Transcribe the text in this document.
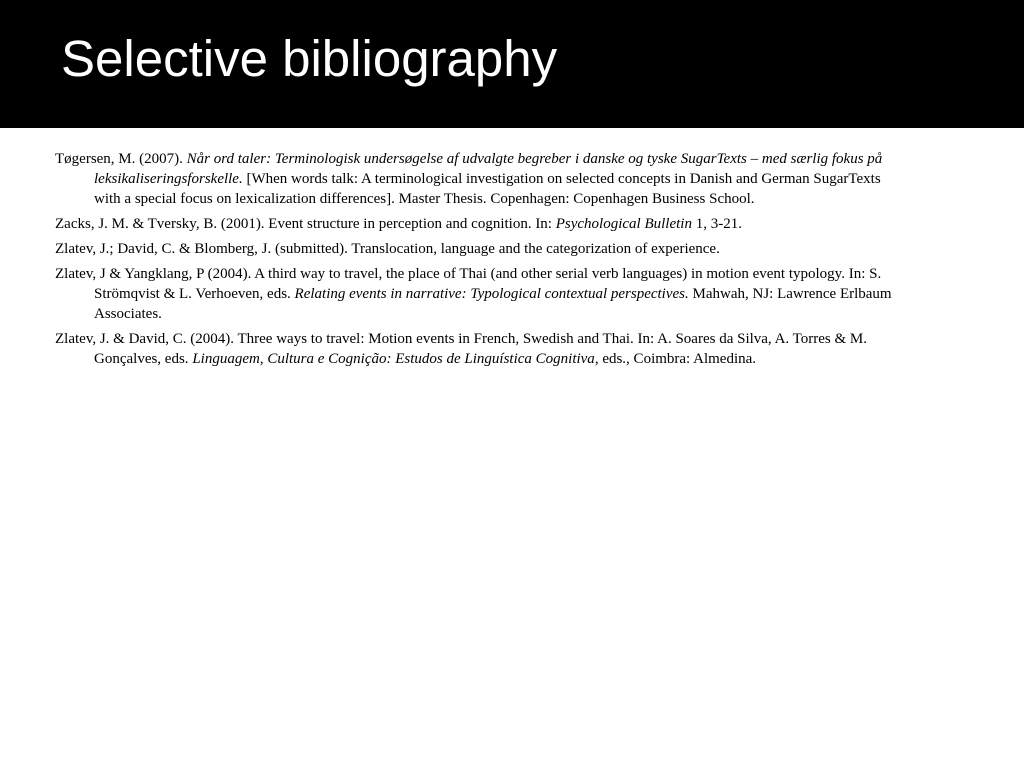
Selective bibliography
Tøgersen, M. (2007). Når ord taler: Terminologisk undersøgelse af udvalgte begreber i danske og tyske SugarTexts – med særlig fokus på leksikaliseringsforskelle. [When words talk: A terminological investigation on selected concepts in Danish and German SugarTexts with a special focus on lexicalization differences]. Master Thesis. Copenhagen: Copenhagen Business School.
Zacks, J. M. & Tversky, B. (2001). Event structure in perception and cognition. In: Psychological Bulletin 1, 3-21.
Zlatev, J.; David, C. & Blomberg, J. (submitted). Translocation, language and the categorization of experience.
Zlatev, J & Yangklang, P (2004). A third way to travel, the place of Thai (and other serial verb languages) in motion event typology. In: S. Strömqvist & L. Verhoeven, eds. Relating events in narrative: Typological contextual perspectives. Mahwah, NJ: Lawrence Erlbaum Associates.
Zlatev, J. & David, C. (2004). Three ways to travel: Motion events in French, Swedish and Thai. In: A. Soares da Silva, A. Torres & M. Gonçalves, eds. Linguagem, Cultura e Cognição: Estudos de Linguística Cognitiva, eds., Coimbra: Almedina.
